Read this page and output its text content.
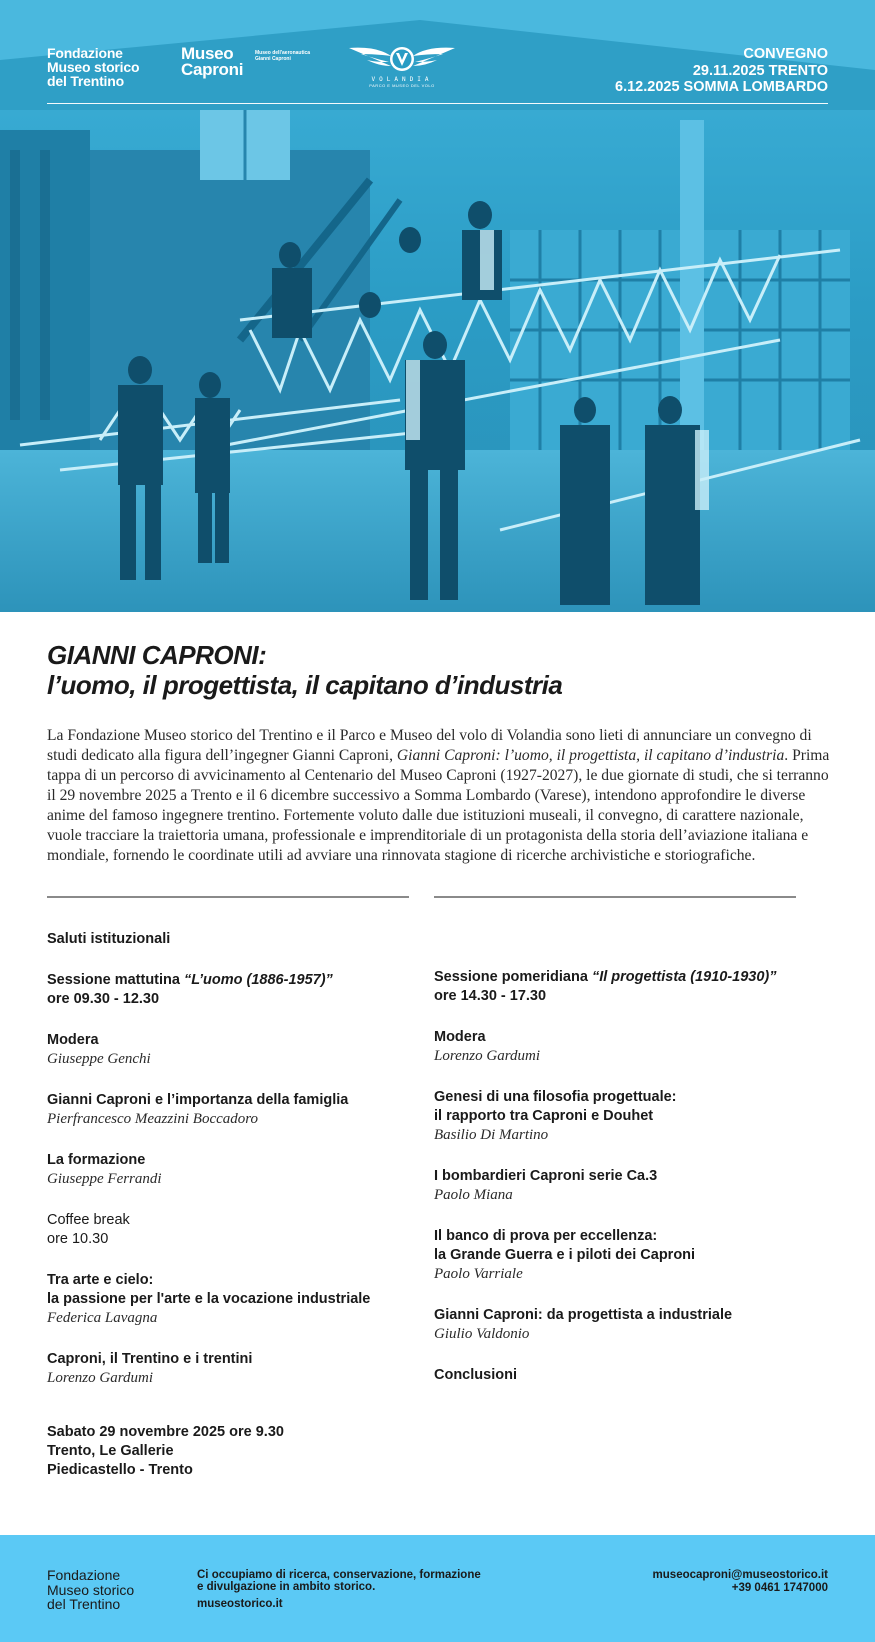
Fondazione
Museo storico
del Trentino
Museo
Caproni
Museo dell'aeronautica
Gianni Caproni
VOLANDIA
PARCO E MUSEO DEL VOLO
CONVEGNO
29.11.2025 TRENTO
6.12.2025 SOMMA LOMBARDO
GIANNI CAPRONI:
l’uomo, il progettista, il capitano d’industria

La Fondazione Museo storico del Trentino e il Parco e Museo del volo di Volandia sono lieti di annunciare un convegno di studi dedicato alla figura dell’ingegner Gianni Caproni, Gianni Caproni: l’uomo, il progettista, il capitano d’industria. Prima tappa di un percorso di avvicinamento al Centenario del Museo Caproni (1927-2027), le due giornate di studi, che si terranno il 29 novembre 2025 a Trento e il 6 dicembre successivo a Somma Lombardo (Varese), intendono approfondire le diverse anime del famoso ingegnere trentino. Fortemente voluto dalle due istituzioni museali, il convegno, di carattere nazionale, vuole tracciare la traiettoria umana, professionale e imprenditoriale di un protagonista della storia dell’aviazione italiana e mondiale, fornendo le coordinate utili ad avviare una rinnovata stagione di ricerche archivistiche e storiografiche.

Saluti istituzionali
Sessione mattutina “L’uomo (1886-1957)”
ore 09.30 - 12.30
Modera
Giuseppe Genchi
Gianni Caproni e l’importanza della famiglia
Pierfrancesco Meazzini Boccadoro
La formazione
Giuseppe Ferrandi
Coffee break
ore 10.30
Tra arte e cielo:
la passione per l'arte e la vocazione industriale
Federica Lavagna
Caproni, il Trentino e i trentini
Lorenzo Gardumi
Sabato 29 novembre 2025 ore 9.30
Trento, Le Gallerie
Piedicastello - Trento
Sessione pomeridiana “Il progettista (1910-1930)”
ore 14.30 - 17.30
Modera
Lorenzo Gardumi
Genesi di una filosofia progettuale:
il rapporto tra Caproni e Douhet
Basilio Di Martino
I bombardieri Caproni serie Ca.3
Paolo Miana
Il banco di prova per eccellenza:
la Grande Guerra e i piloti dei Caproni
Paolo Varriale
Gianni Caproni: da progettista a industriale
Giulio Valdonio
Conclusioni
Fondazione
Museo storico
del Trentino
Ci occupiamo di ricerca, conservazione, formazione
e divulgazione in ambito storico.
museostorico.it
museocaproni@museostorico.it
+39 0461 1747000
